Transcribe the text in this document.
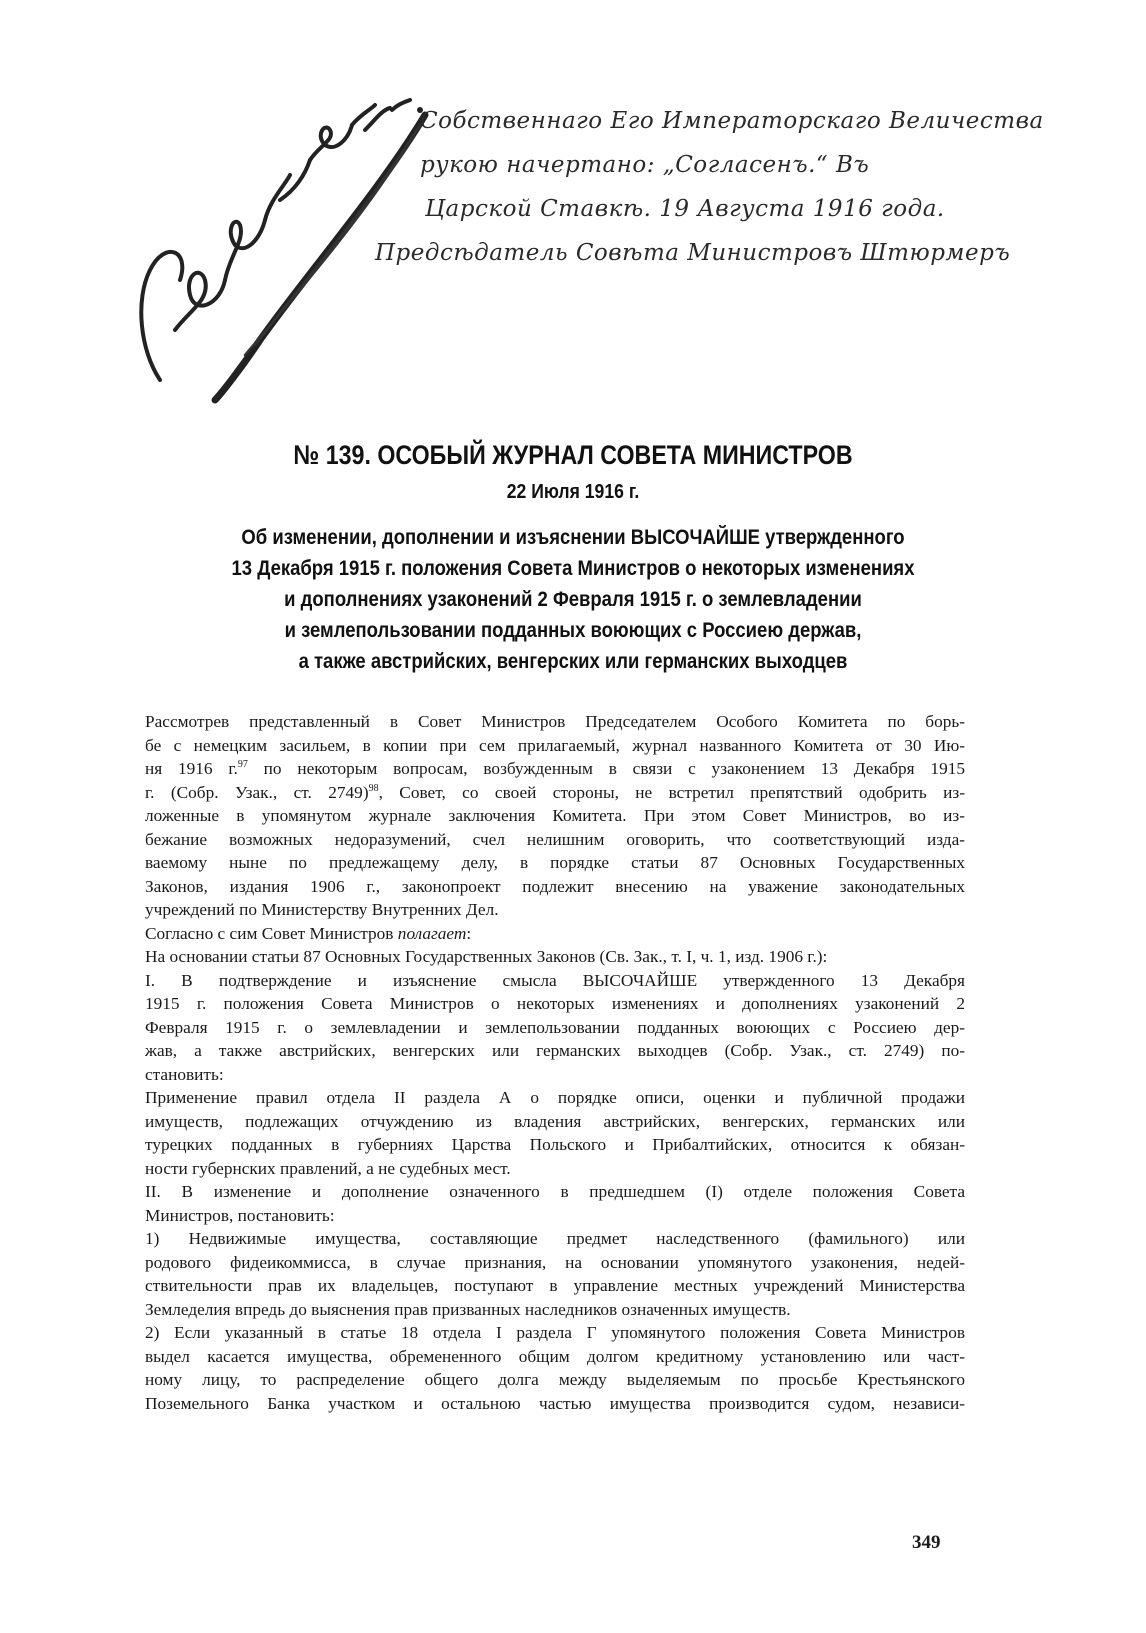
Собственнаго Его Императорскаго Величества
рукою начертано: „Согласенъ.“ Въ
Царской Ставкѣ. 19 Августа 1916 года.
Предсѣдатель Совѣта Министровъ Штюрмеръ
№ 139. ОСОБЫЙ ЖУРНАЛ СОВЕТА МИНИСТРОВ
22 Июля 1916 г.
Об изменении, дополнении и изъяснении ВЫСОЧАЙШЕ утвержденного
13 Декабря 1915 г. положения Совета Министров о некоторых изменениях
и дополнениях узаконений 2 Февраля 1915 г. о землевладении
и землепользовании подданных воюющих с Россиею держав,
а также австрийских, венгерских или германских выходцев
Рассмотрев представленный в Совет Министров Председателем Особого Комитета по борь-
бе с немецким засильем, в копии при сем прилагаемый, журнал названного Комитета от 30 Ию-
ня 1916 г.$^{97}$ по некоторым вопросам, возбужденным в связи с узаконением 13 Декабря 1915
г. (Собр. Узак., ст. 2749)$^{98}$, Совет, со своей стороны, не встретил препятствий одобрить из-
ложенные в упомянутом журнале заключения Комитета. При этом Совет Министров, во из-
бежание возможных недоразумений, счел нелишним оговорить, что соответствующий изда-
ваемому ныне по предлежащему делу, в порядке статьи 87 Основных Государственных
Законов, издания 1906 г., законопроект подлежит внесению на уважение законодательных
учреждений по Министерству Внутренних Дел.
Согласно с сим Совет Министров полагает:
На основании статьи 87 Основных Государственных Законов (Св. Зак., т. I, ч. 1, изд. 1906 г.):
I. В подтверждение и изъяснение смысла ВЫСОЧАЙШЕ утвержденного 13 Декабря
1915 г. положения Совета Министров о некоторых изменениях и дополнениях узаконений 2
Февраля 1915 г. о землевладении и землепользовании подданных воюющих с Россиею дер-
жав, а также австрийских, венгерских или германских выходцев (Собр. Узак., ст. 2749) по-
становить:
Применение правил отдела II раздела А о порядке описи, оценки и публичной продажи
имуществ, подлежащих отчуждению из владения австрийских, венгерских, германских или
турецких подданных в губерниях Царства Польского и Прибалтийских, относится к обязан-
ности губернских правлений, а не судебных мест.
II. В изменение и дополнение означенного в предшедшем (I) отделе положения Совета
Министров, постановить:
1) Недвижимые имущества, составляющие предмет наследственного (фамильного) или
родового фидеикоммисса, в случае признания, на основании упомянутого узаконения, недей-
ствительности прав их владельцев, поступают в управление местных учреждений Министерства
Земледелия впредь до выяснения прав призванных наследников означенных имуществ.
2) Если указанный в статье 18 отдела I раздела Г упомянутого положения Совета Министров
выдел касается имущества, обремененного общим долгом кредитному установлению или част-
ному лицу, то распределение общего долга между выделяемым по просьбе Крестьянского
Поземельного Банка участком и остальною частью имущества производится судом, независи-
349
